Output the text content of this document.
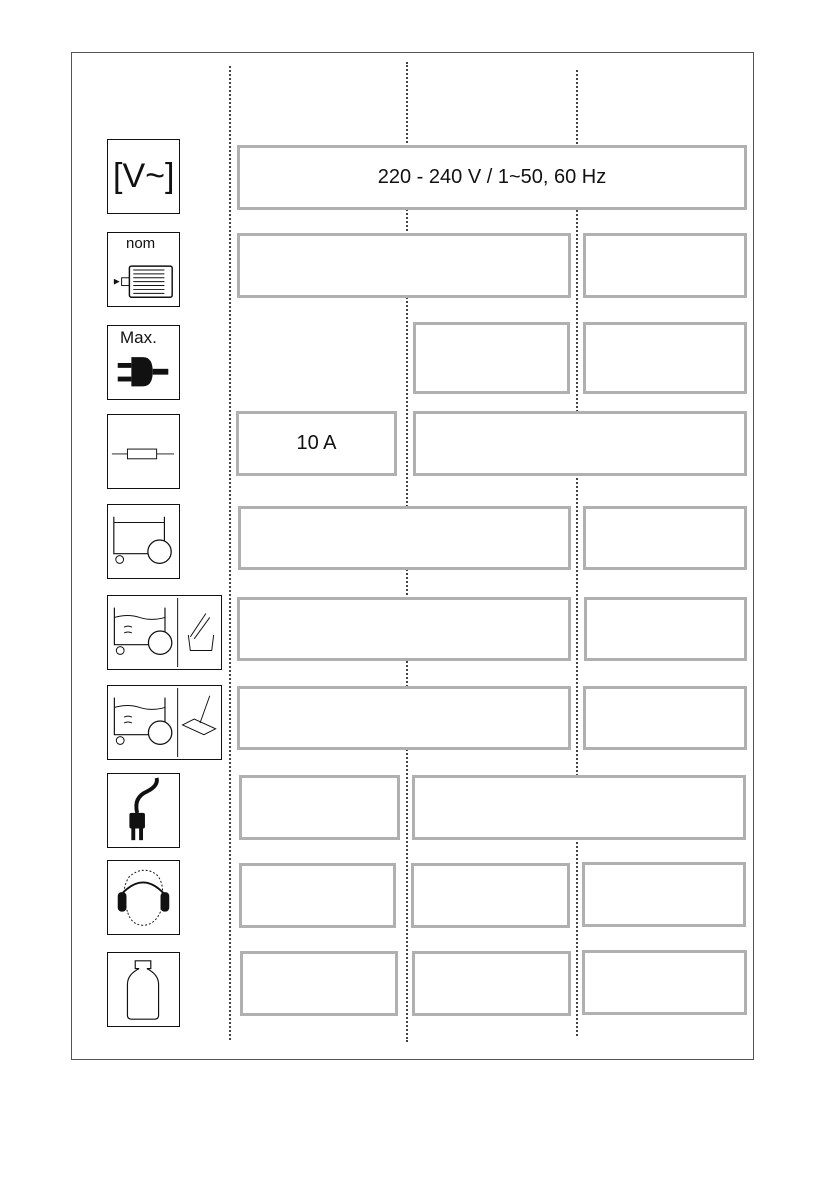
[V~]	220 - 240 V / 1~50, 60 Hz
nom
Max.
10 A
